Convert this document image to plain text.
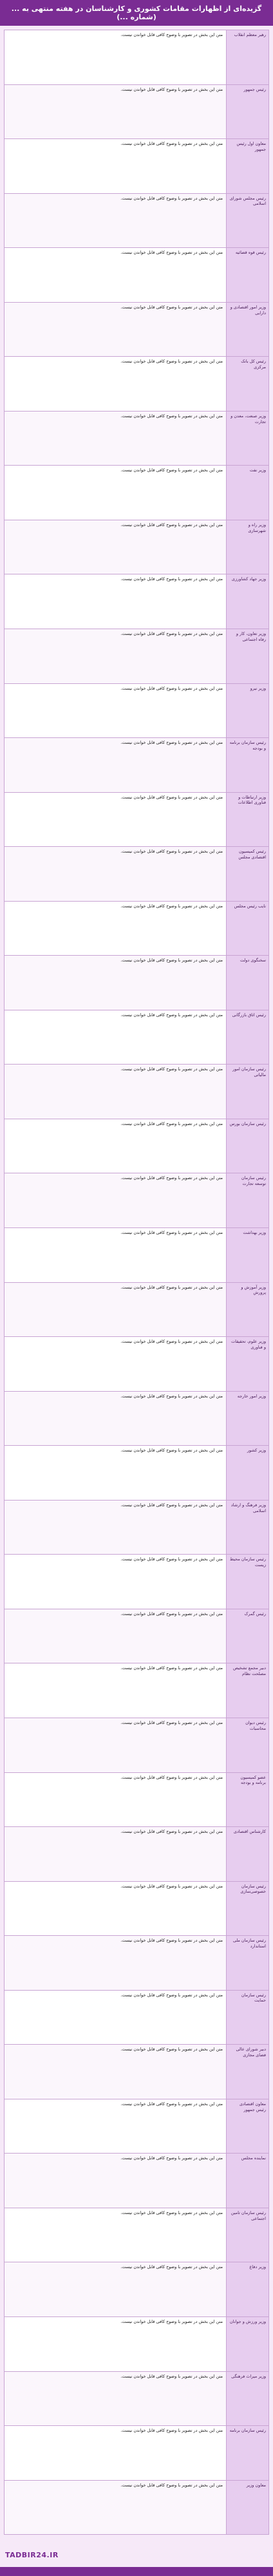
گزیده‌ای از اظهارات مقامات کشوری و کارشناسان در هفته منتهی به ... (شماره ...)
رهبر معظم انقلاب
متن این بخش در تصویر با وضوح کافی قابل خواندن نیست.
رئیس جمهور
متن این بخش در تصویر با وضوح کافی قابل خواندن نیست.
معاون اول رئیس جمهور
متن این بخش در تصویر با وضوح کافی قابل خواندن نیست.
رئیس مجلس شورای اسلامی
متن این بخش در تصویر با وضوح کافی قابل خواندن نیست.
رئیس قوه قضائیه
متن این بخش در تصویر با وضوح کافی قابل خواندن نیست.
وزیر امور اقتصادی و دارایی
متن این بخش در تصویر با وضوح کافی قابل خواندن نیست.
رئیس کل بانک مرکزی
متن این بخش در تصویر با وضوح کافی قابل خواندن نیست.
وزیر صنعت، معدن و تجارت
متن این بخش در تصویر با وضوح کافی قابل خواندن نیست.
وزیر نفت
متن این بخش در تصویر با وضوح کافی قابل خواندن نیست.
وزیر راه و شهرسازی
متن این بخش در تصویر با وضوح کافی قابل خواندن نیست.
وزیر جهاد کشاورزی
متن این بخش در تصویر با وضوح کافی قابل خواندن نیست.
وزیر تعاون، کار و رفاه اجتماعی
متن این بخش در تصویر با وضوح کافی قابل خواندن نیست.
وزیر نیرو
متن این بخش در تصویر با وضوح کافی قابل خواندن نیست.
رئیس سازمان برنامه و بودجه
متن این بخش در تصویر با وضوح کافی قابل خواندن نیست.
وزیر ارتباطات و فناوری اطلاعات
متن این بخش در تصویر با وضوح کافی قابل خواندن نیست.
رئیس کمیسیون اقتصادی مجلس
متن این بخش در تصویر با وضوح کافی قابل خواندن نیست.
نایب رئیس مجلس
متن این بخش در تصویر با وضوح کافی قابل خواندن نیست.
سخنگوی دولت
متن این بخش در تصویر با وضوح کافی قابل خواندن نیست.
رئیس اتاق بازرگانی
متن این بخش در تصویر با وضوح کافی قابل خواندن نیست.
رئیس سازمان امور مالیاتی
متن این بخش در تصویر با وضوح کافی قابل خواندن نیست.
رئیس سازمان بورس
متن این بخش در تصویر با وضوح کافی قابل خواندن نیست.
رئیس سازمان توسعه تجارت
متن این بخش در تصویر با وضوح کافی قابل خواندن نیست.
وزیر بهداشت
متن این بخش در تصویر با وضوح کافی قابل خواندن نیست.
وزیر آموزش و پرورش
متن این بخش در تصویر با وضوح کافی قابل خواندن نیست.
وزیر علوم، تحقیقات و فناوری
متن این بخش در تصویر با وضوح کافی قابل خواندن نیست.
وزیر امور خارجه
متن این بخش در تصویر با وضوح کافی قابل خواندن نیست.
وزیر کشور
متن این بخش در تصویر با وضوح کافی قابل خواندن نیست.
وزیر فرهنگ و ارشاد اسلامی
متن این بخش در تصویر با وضوح کافی قابل خواندن نیست.
رئیس سازمان محیط زیست
متن این بخش در تصویر با وضوح کافی قابل خواندن نیست.
رئیس گمرک
متن این بخش در تصویر با وضوح کافی قابل خواندن نیست.
دبیر مجمع تشخیص مصلحت نظام
متن این بخش در تصویر با وضوح کافی قابل خواندن نیست.
رئیس دیوان محاسبات
متن این بخش در تصویر با وضوح کافی قابل خواندن نیست.
عضو کمیسیون برنامه و بودجه
متن این بخش در تصویر با وضوح کافی قابل خواندن نیست.
کارشناس اقتصادی
متن این بخش در تصویر با وضوح کافی قابل خواندن نیست.
رئیس سازمان خصوصی‌سازی
متن این بخش در تصویر با وضوح کافی قابل خواندن نیست.
رئیس سازمان ملی استاندارد
متن این بخش در تصویر با وضوح کافی قابل خواندن نیست.
رئیس سازمان حمایت
متن این بخش در تصویر با وضوح کافی قابل خواندن نیست.
دبیر شورای عالی فضای مجازی
متن این بخش در تصویر با وضوح کافی قابل خواندن نیست.
معاون اقتصادی رئیس جمهور
متن این بخش در تصویر با وضوح کافی قابل خواندن نیست.
نماینده مجلس
متن این بخش در تصویر با وضوح کافی قابل خواندن نیست.
رئیس سازمان تامین اجتماعی
متن این بخش در تصویر با وضوح کافی قابل خواندن نیست.
وزیر دفاع
متن این بخش در تصویر با وضوح کافی قابل خواندن نیست.
وزیر ورزش و جوانان
متن این بخش در تصویر با وضوح کافی قابل خواندن نیست.
وزیر میراث فرهنگی
متن این بخش در تصویر با وضوح کافی قابل خواندن نیست.
رئیس سازمان برنامه
متن این بخش در تصویر با وضوح کافی قابل خواندن نیست.
معاون وزیر
متن این بخش در تصویر با وضوح کافی قابل خواندن نیست.
TADBIR24.IR
